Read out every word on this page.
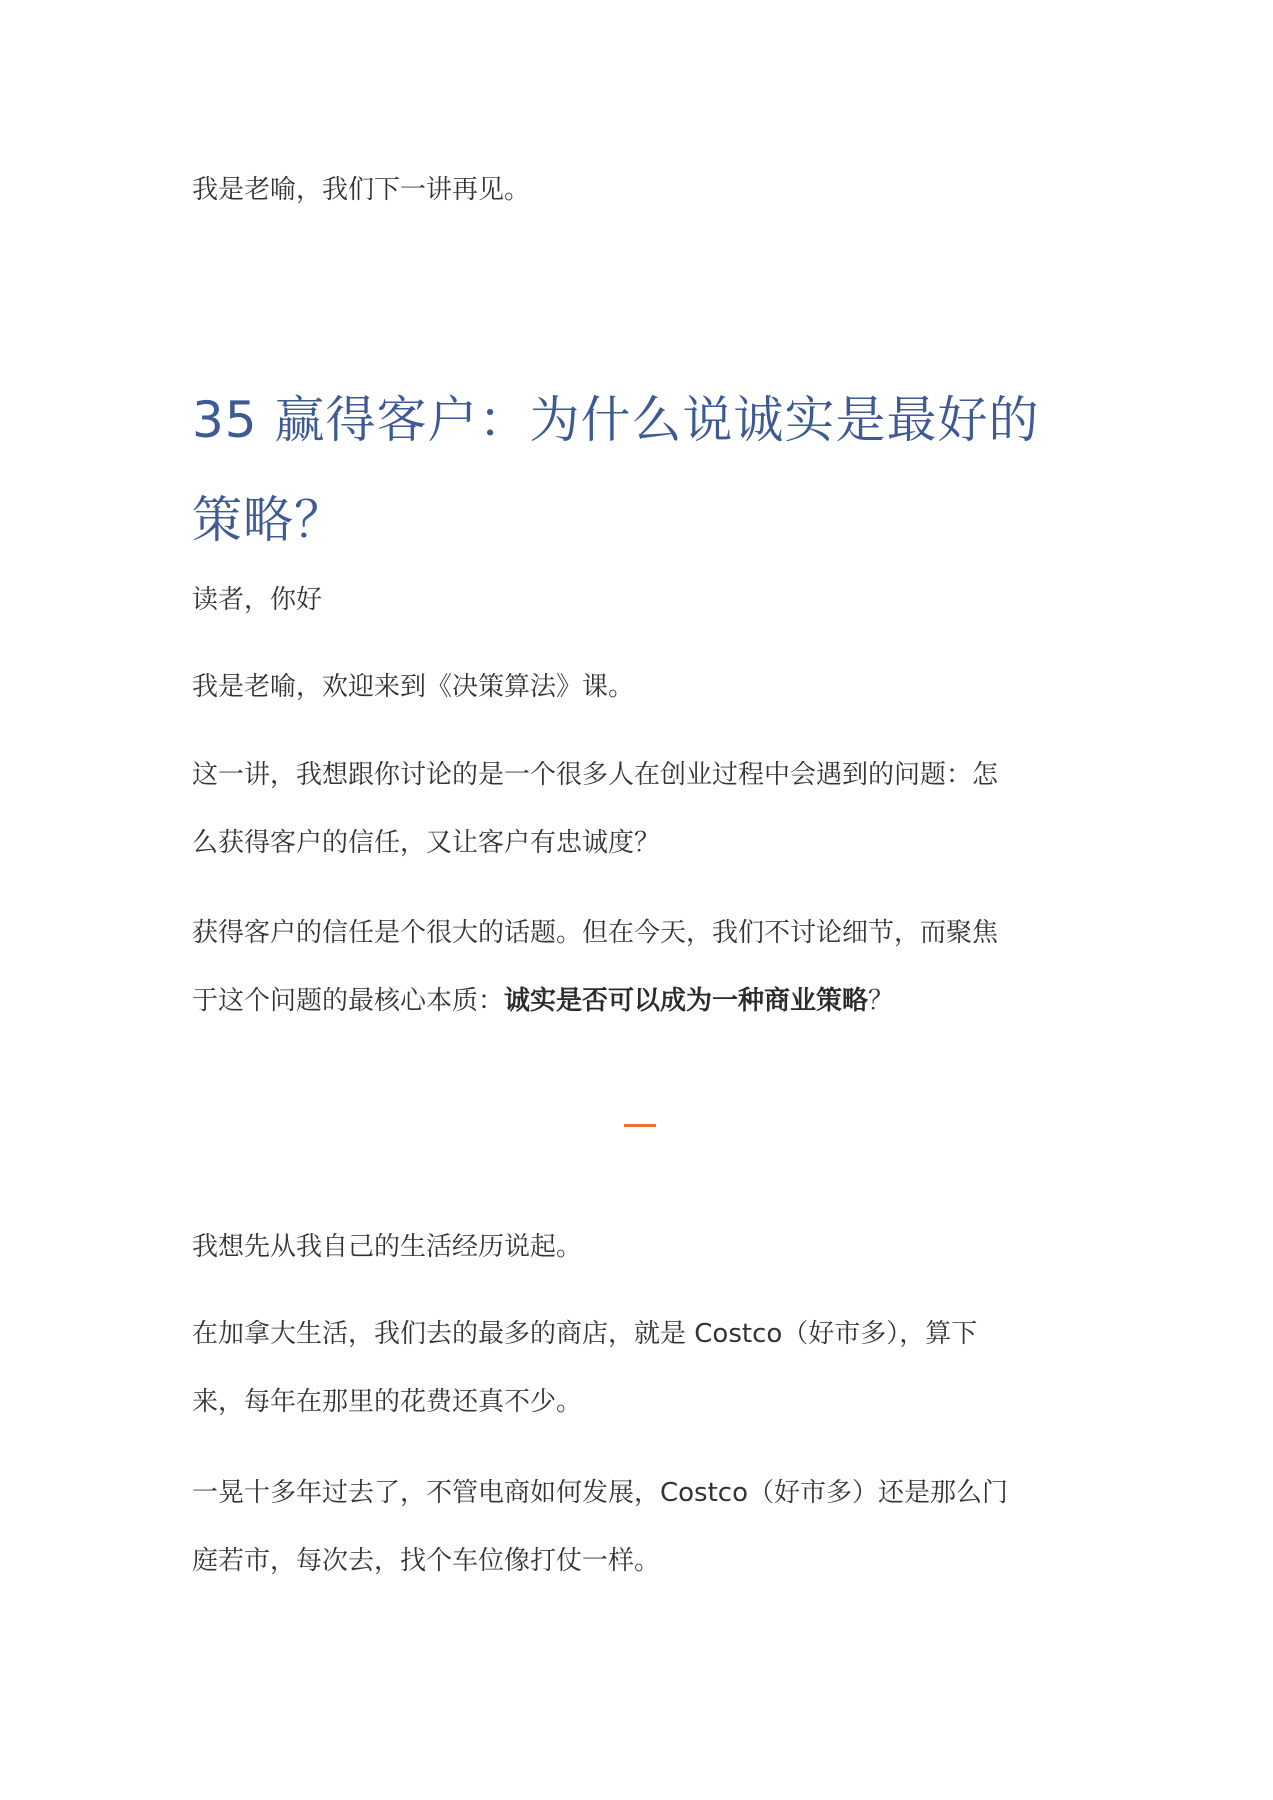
我是老喻，我们下一讲再见。

35 赢得客户：为什么说诚实是最好的
策略？

读者，你好

我是老喻，欢迎来到《决策算法》课。

这一讲，我想跟你讨论的是一个很多人在创业过程中会遇到的问题：怎
么获得客户的信任，又让客户有忠诚度？
获得客户的信任是个很大的话题。但在今天，我们不讨论细节，而聚焦
于这个问题的最核心本质：诚实是否可以成为一种商业策略？

我想先从我自己的生活经历说起。

在加拿大生活，我们去的最多的商店，就是 Costco（好市多），算下
来，每年在那里的花费还真不少。
一晃十多年过去了，不管电商如何发展，Costco（好市多）还是那么门
庭若市，每次去，找个车位像打仗一样。
